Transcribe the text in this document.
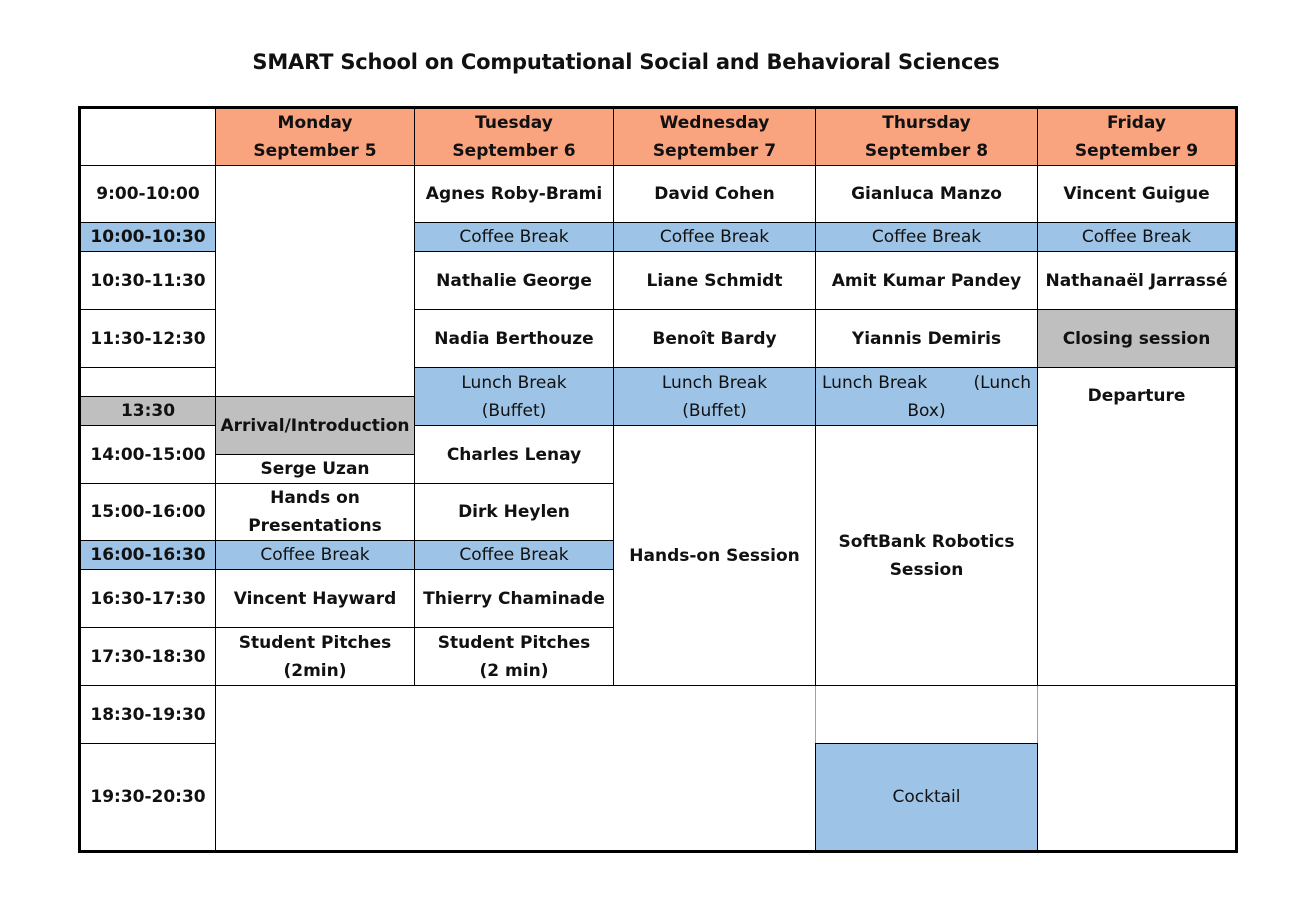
SMART School on Computational Social and Behavioral Sciences
Monday
September 5
Tuesday
September 6
Wednesday
September 7
Thursday
September 8
Friday
September 9
9:00-10:00
10:00-10:30
10:30-11:30
11:30-12:30
13:30
14:00-15:00
15:00-16:00
16:00-16:30
16:30-17:30
17:30-18:30
18:30-19:30
19:30-20:30
Arrival/Introduction
Serge Uzan
Hands on
Presentations
Coffee Break
Vincent Hayward
Student Pitches
(2min)
Agnes Roby-Brami
Coffee Break
Nathalie George
Nadia Berthouze
Lunch Break
(Buffet)
Charles Lenay
Dirk Heylen
Coffee Break
Thierry Chaminade
Student Pitches
(2 min)
David Cohen
Coffee Break
Liane Schmidt
Benoît Bardy
Lunch Break
(Buffet)
Hands-on Session
Gianluca Manzo
Coffee Break
Amit Kumar Pandey
Yiannis Demiris
Lunch Break	(Lunch
Box)
SoftBank Robotics
Session
Cocktail
Vincent Guigue
Coffee Break
Nathanaël Jarrassé
Closing session
Departure
